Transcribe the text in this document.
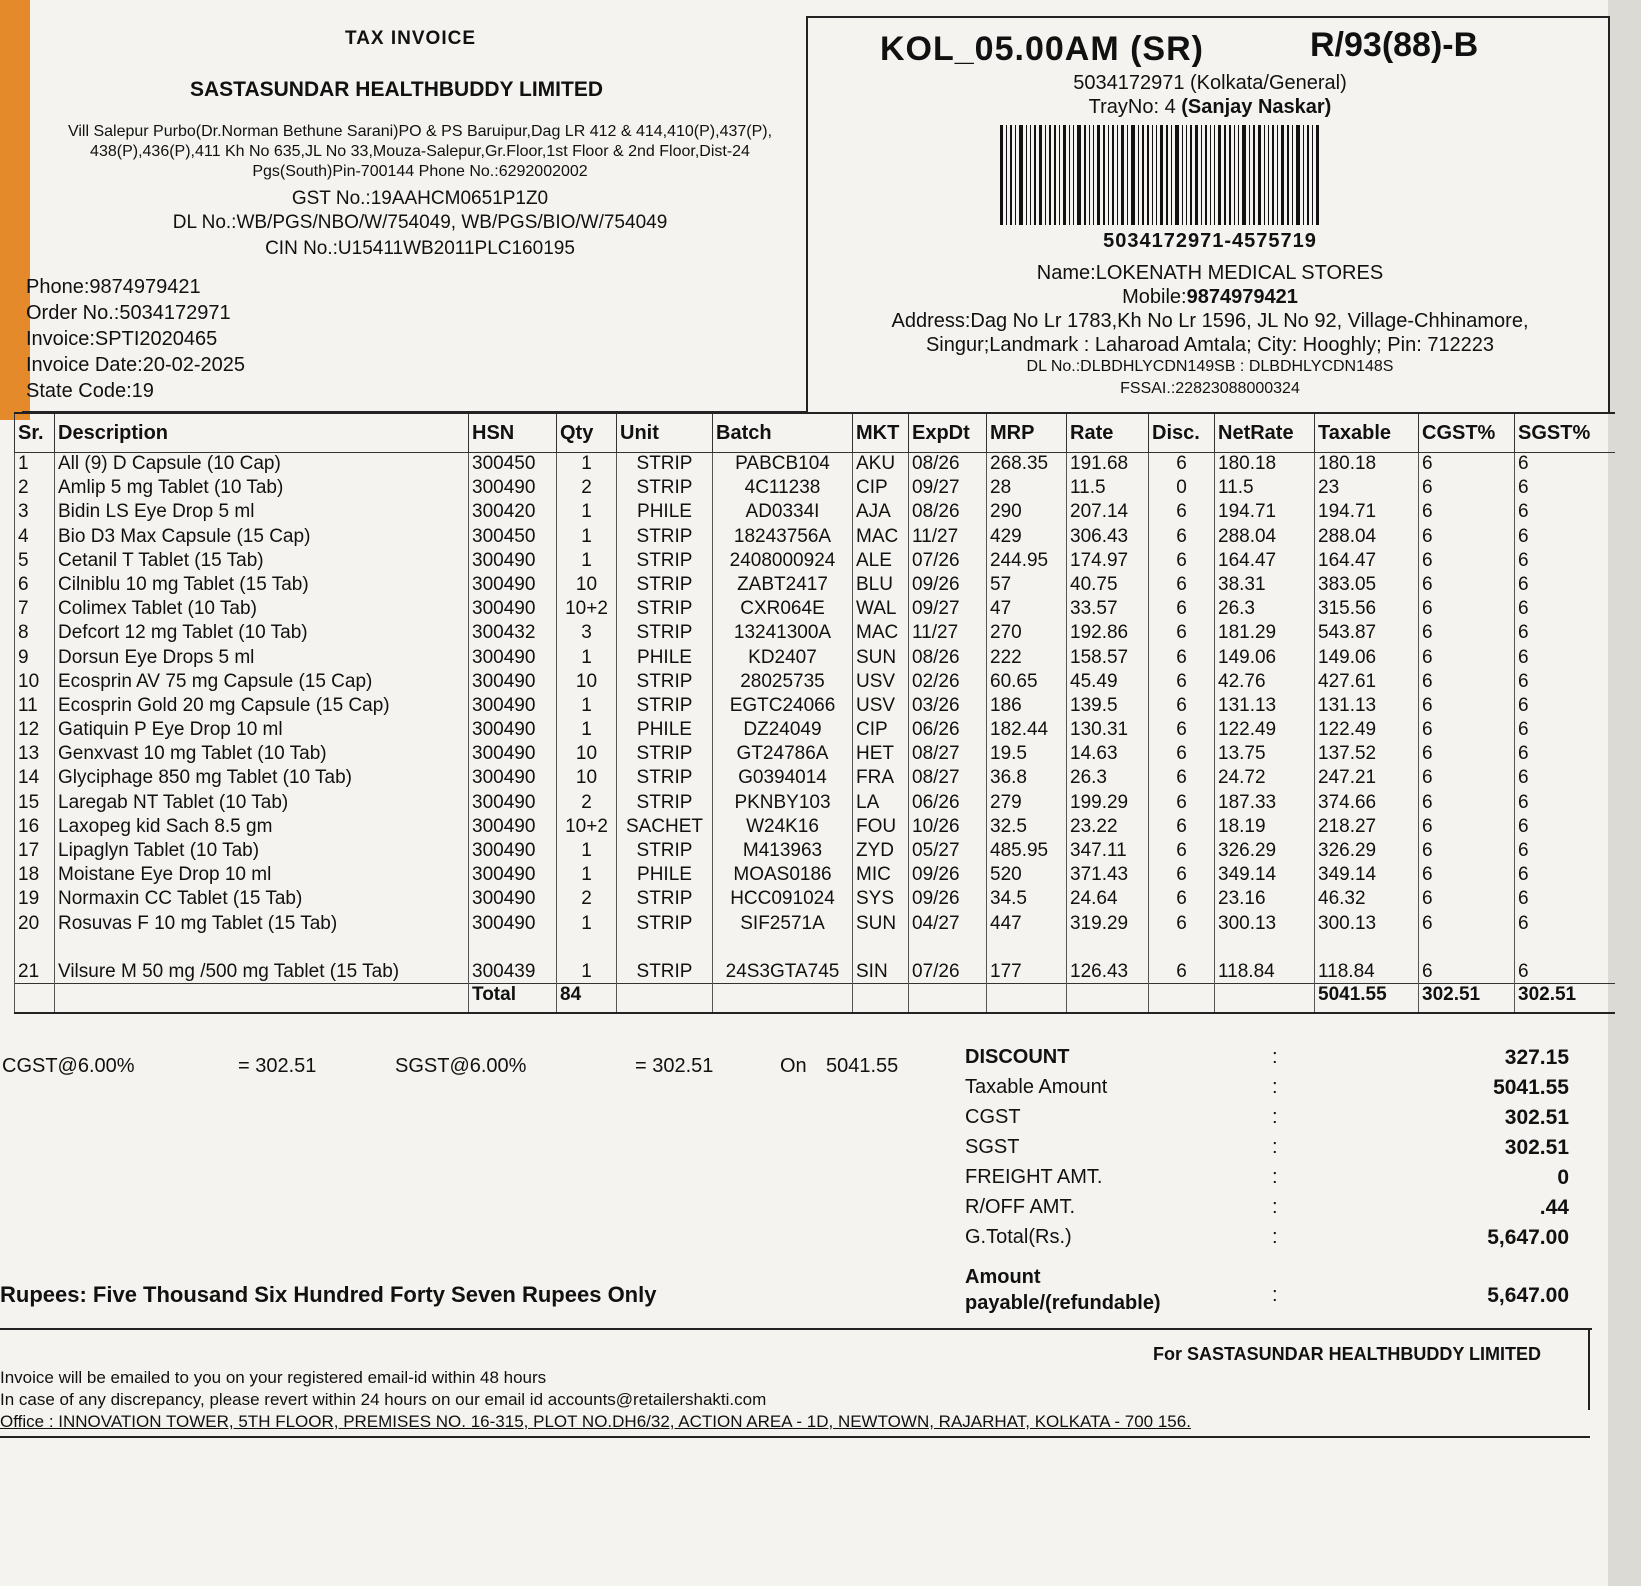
TAX INVOICE
SASTASUNDAR HEALTHBUDDY LIMITED
Vill Salepur Purbo(Dr.Norman Bethune Sarani)PO & PS Baruipur,Dag LR 412 & 414,410(P),437(P), 438(P),436(P),411 Kh No 635,JL No 33,Mouza-Salepur,Gr.Floor,1st Floor & 2nd Floor,Dist-24 Pgs(South)Pin-700144 Phone No.:6292002002
GST No.:19AAHCM0651P1Z0
DL No.:WB/PGS/NBO/W/754049, WB/PGS/BIO/W/754049
CIN No.:U15411WB2011PLC160195
Phone:9874979421
Order No.:5034172971
Invoice:SPTI2020465
Invoice Date:20-02-2025
State Code:19
KOL_05.00AM (SR)	R/93(88)-B
5034172971 (Kolkata/General)
TrayNo: 4 (Sanjay Naskar)
5034172971-4575719
Name:LOKENATH MEDICAL STORES
Mobile:9874979421
Address:Dag No Lr 1783,Kh No Lr 1596, JL No 92, Village-Chhinamore,
Singur;Landmark : Laharoad Amtala; City: Hooghly; Pin: 712223
DL No.:DLBDHLYCDN149SB : DLBDHLYCDN148S
FSSAI.:22823088000324
Sr.	Description	HSN	Qty	Unit	Batch	MKT	ExpDt	MRP	Rate	Disc.	NetRate	Taxable	CGST%	SGST%
1	All (9) D Capsule (10 Cap)	300450	1	STRIP	PABCB104	AKU	08/26	268.35	191.68	6	180.18	180.18	6	6
2	Amlip 5 mg Tablet (10 Tab)	300490	2	STRIP	4C11238	CIP	09/27	28	11.5	0	11.5	23	6	6
3	Bidin LS Eye Drop 5 ml	300420	1	PHILE	AD0334I	AJA	08/26	290	207.14	6	194.71	194.71	6	6
4	Bio D3 Max Capsule (15 Cap)	300450	1	STRIP	18243756A	MAC	11/27	429	306.43	6	288.04	288.04	6	6
5	Cetanil T Tablet (15 Tab)	300490	1	STRIP	2408000924	ALE	07/26	244.95	174.97	6	164.47	164.47	6	6
6	Cilniblu 10 mg Tablet (15 Tab)	300490	10	STRIP	ZABT2417	BLU	09/26	57	40.75	6	38.31	383.05	6	6
7	Colimex Tablet (10 Tab)	300490	10+2	STRIP	CXR064E	WAL	09/27	47	33.57	6	26.3	315.56	6	6
8	Defcort 12 mg Tablet (10 Tab)	300432	3	STRIP	13241300A	MAC	11/27	270	192.86	6	181.29	543.87	6	6
9	Dorsun Eye Drops 5 ml	300490	1	PHILE	KD2407	SUN	08/26	222	158.57	6	149.06	149.06	6	6
10	Ecosprin AV 75 mg Capsule (15 Cap)	300490	10	STRIP	28025735	USV	02/26	60.65	45.49	6	42.76	427.61	6	6
11	Ecosprin Gold 20 mg Capsule (15 Cap)	300490	1	STRIP	EGTC24066	USV	03/26	186	139.5	6	131.13	131.13	6	6
12	Gatiquin P Eye Drop 10 ml	300490	1	PHILE	DZ24049	CIP	06/26	182.44	130.31	6	122.49	122.49	6	6
13	Genxvast 10 mg Tablet (10 Tab)	300490	10	STRIP	GT24786A	HET	08/27	19.5	14.63	6	13.75	137.52	6	6
14	Glyciphage 850 mg Tablet (10 Tab)	300490	10	STRIP	G0394014	FRA	08/27	36.8	26.3	6	24.72	247.21	6	6
15	Laregab NT Tablet (10 Tab)	300490	2	STRIP	PKNBY103	LA	06/26	279	199.29	6	187.33	374.66	6	6
16	Laxopeg kid Sach 8.5 gm	300490	10+2	SACHET	W24K16	FOU	10/26	32.5	23.22	6	18.19	218.27	6	6
17	Lipaglyn Tablet (10 Tab)	300490	1	STRIP	M413963	ZYD	05/27	485.95	347.11	6	326.29	326.29	6	6
18	Moistane Eye Drop 10 ml	300490	1	PHILE	MOAS0186	MIC	09/26	520	371.43	6	349.14	349.14	6	6
19	Normaxin CC Tablet (15 Tab)	300490	2	STRIP	HCC091024	SYS	09/26	34.5	24.64	6	23.16	46.32	6	6
20	Rosuvas F 10 mg Tablet (15 Tab)	300490	1	STRIP	SIF2571A	SUN	04/27	447	319.29	6	300.13	300.13	6	6
21	Vilsure M 50 mg /500 mg Tablet (15 Tab)	300439	1	STRIP	24S3GTA745	SIN	07/26	177	126.43	6	118.84	118.84	6	6
		Total	84									5041.55	302.51	302.51
CGST@6.00%	= 302.51	SGST@6.00%	= 302.51	On 5041.55	DISCOUNT	:	327.15
Taxable Amount	:	5041.55
CGST	:	302.51
SGST	:	302.51
FREIGHT AMT.	:	0
R/OFF AMT.	:	.44
G.Total(Rs.)	:	5,647.00
Amount payable/(refundable)	:	5,647.00
Rupees: Five Thousand Six Hundred Forty Seven Rupees Only
For SASTASUNDAR HEALTHBUDDY LIMITED
Invoice will be emailed to you on your registered email-id within 48 hours
In case of any discrepancy, please revert within 24 hours on our email id accounts@retailershakti.com
Office : INNOVATION TOWER, 5TH FLOOR, PREMISES NO. 16-315, PLOT NO.DH6/32, ACTION AREA - 1D, NEWTOWN, RAJARHAT, KOLKATA - 700 156.
